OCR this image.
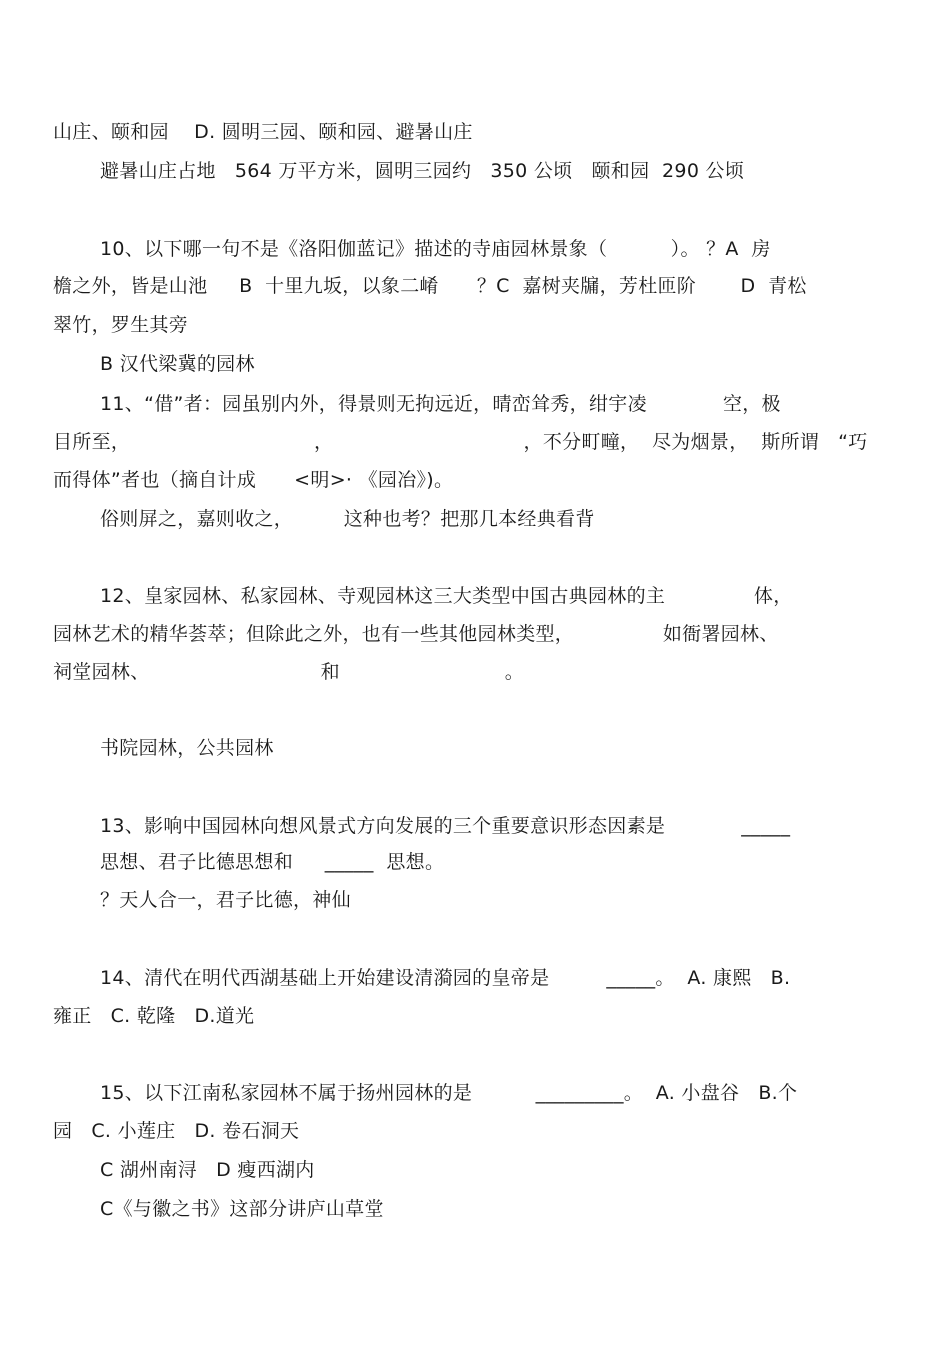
山庄、颐和园    D. 圆明三园、颐和园、避暑山庄
避暑山庄占地   564 万平方米，圆明三园约   350 公顷   颐和园  290 公顷
10、以下哪一句不是《洛阳伽蓝记》描述的寺庙园林景象（          ）。 ？A  房
檐之外，皆是山池     B  十里九坂，以象二崤      ？C  嘉树夹牖，芳杜匝阶       D  青松
翠竹，罗生其旁
B 汉代梁冀的园林
11、“借”者：园虽别内外，得景则无拘远近，晴峦耸秀，绀宇凌            空，极
目所至，                             ，                              ，不分町疃，  尽为烟景，  斯所谓   “巧
而得体”者也（摘自计成      <明>· 《园冶》)。
俗则屏之，嘉则收之，        这种也考？把那几本经典看背
12、皇家园林、私家园林、寺观园林这三大类型中国古典园林的主              体，
园林艺术的精华荟萃；但除此之外，也有一些其他园林类型，              如衙署园林、
祠堂园林、                           和                          。
书院园林，公共园林
13、影响中国园林向想风景式方向发展的三个重要意识形态因素是            _____
思想、君子比德思想和     _____  思想。
？天人合一，君子比德，神仙
14、清代在明代西湖基础上开始建设清漪园的皇帝是         _____。  A. 康熙   B.
雍正   C. 乾隆   D.道光
15、以下江南私家园林不属于扬州园林的是          _________。  A. 小盘谷   B.个
园   C. 小莲庄   D. 卷石洞天
C 湖州南浔   D 瘦西湖内
C《与徽之书》这部分讲庐山草堂
